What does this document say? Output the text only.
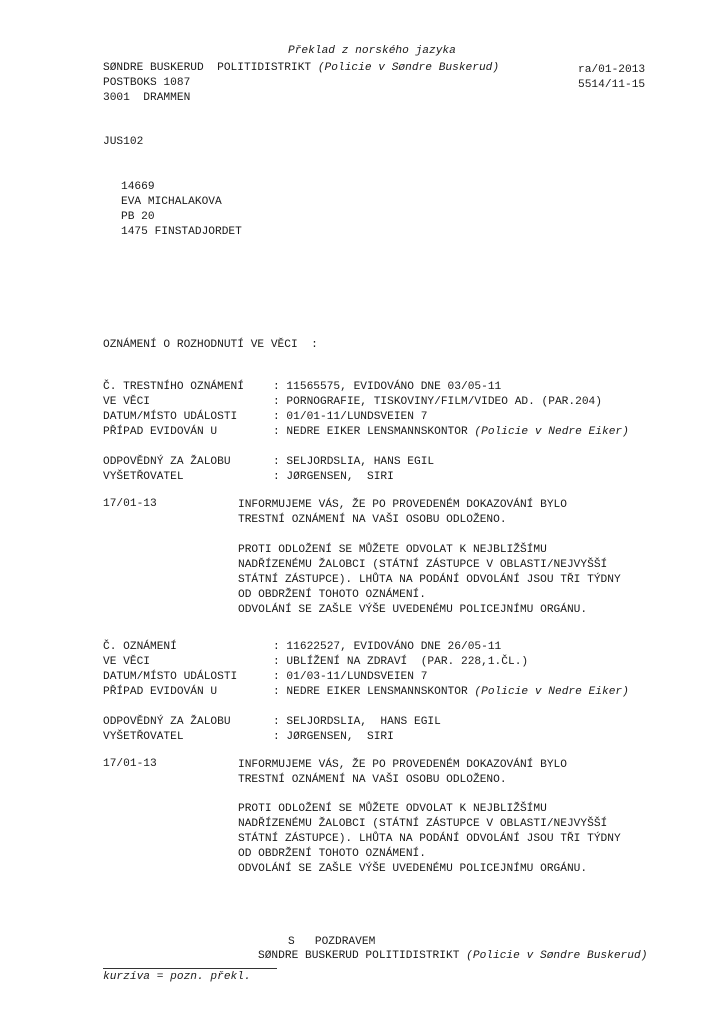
Překlad z norského jazyka
SØNDRE BUSKERUD  POLITIDISTRIKT (Policie v Søndre Buskerud)
POSTBOKS 1087
3001  DRAMMEN
ra/01-2013
5514/11-15
JUS102
14669
EVA MICHALAKOVA
PB 20
1475 FINSTADJORDET
OZNÁMENÍ O ROZHODNUTÍ VE VĚCI  :
Č. TRESTNÍHO OZNÁMENÍ	: 11565575, EVIDOVÁNO DNE 03/05-11
VE VĚCI	: PORNOGRAFIE, TISKOVINY/FILM/VIDEO AD. (PAR.204)
DATUM/MÍSTO UDÁLOSTI	: 01/01-11/LUNDSVEIEN 7
PŘÍPAD EVIDOVÁN U	: NEDRE EIKER LENSMANNSKONTOR (Policie v Nedre Eiker)
ODPOVĚDNÝ ZA ŽALOBU	: SELJORDSLIA, HANS EGIL
VYŠETŘOVATEL	: JØRGENSEN,  SIRI
17/01-13	INFORMUJEME VÁS, ŽE PO PROVEDENÉM DOKAZOVÁNÍ BYLO
TRESTNÍ OZNÁMENÍ NA VAŠI OSOBU ODLOŽENO.
PROTI ODLOŽENÍ SE MŮŽETE ODVOLAT K NEJBLIŽŠÍMU
NADŘÍZENÉMU ŽALOBCI (STÁTNÍ ZÁSTUPCE V OBLASTI/NEJVYŠŠÍ
STÁTNÍ ZÁSTUPCE). LHŮTA NA PODÁNÍ ODVOLÁNÍ JSOU TŘI TÝDNY
OD OBDRŽENÍ TOHOTO OZNÁMENÍ.
ODVOLÁNÍ SE ZAŠLE VÝŠE UVEDENÉMU POLICEJNÍMU ORGÁNU.
Č. OZNÁMENÍ	: 11622527, EVIDOVÁNO DNE 26/05-11
VE VĚCI	: UBLÍŽENÍ NA ZDRAVÍ  (PAR. 228,1.ČL.)
DATUM/MÍSTO UDÁLOSTI	: 01/03-11/LUNDSVEIEN 7
PŘÍPAD EVIDOVÁN U	: NEDRE EIKER LENSMANNSKONTOR (Policie v Nedre Eiker)
ODPOVĚDNÝ ZA ŽALOBU	: SELJORDSLIA,  HANS EGIL
VYŠETŘOVATEL	: JØRGENSEN,  SIRI
17/01-13	INFORMUJEME VÁS, ŽE PO PROVEDENÉM DOKAZOVÁNÍ BYLO
TRESTNÍ OZNÁMENÍ NA VAŠI OSOBU ODLOŽENO.
PROTI ODLOŽENÍ SE MŮŽETE ODVOLAT K NEJBLIŽŠÍMU
NADŘÍZENÉMU ŽALOBCI (STÁTNÍ ZÁSTUPCE V OBLASTI/NEJVYŠŠÍ
STÁTNÍ ZÁSTUPCE). LHŮTA NA PODÁNÍ ODVOLÁNÍ JSOU TŘI TÝDNY
OD OBDRŽENÍ TOHOTO OZNÁMENÍ.
ODVOLÁNÍ SE ZAŠLE VÝŠE UVEDENÉMU POLICEJNÍMU ORGÁNU.
S   POZDRAVEM
SØNDRE BUSKERUD POLITIDISTRIKT (Policie v Søndre Buskerud)
kurzíva = pozn. překl.
